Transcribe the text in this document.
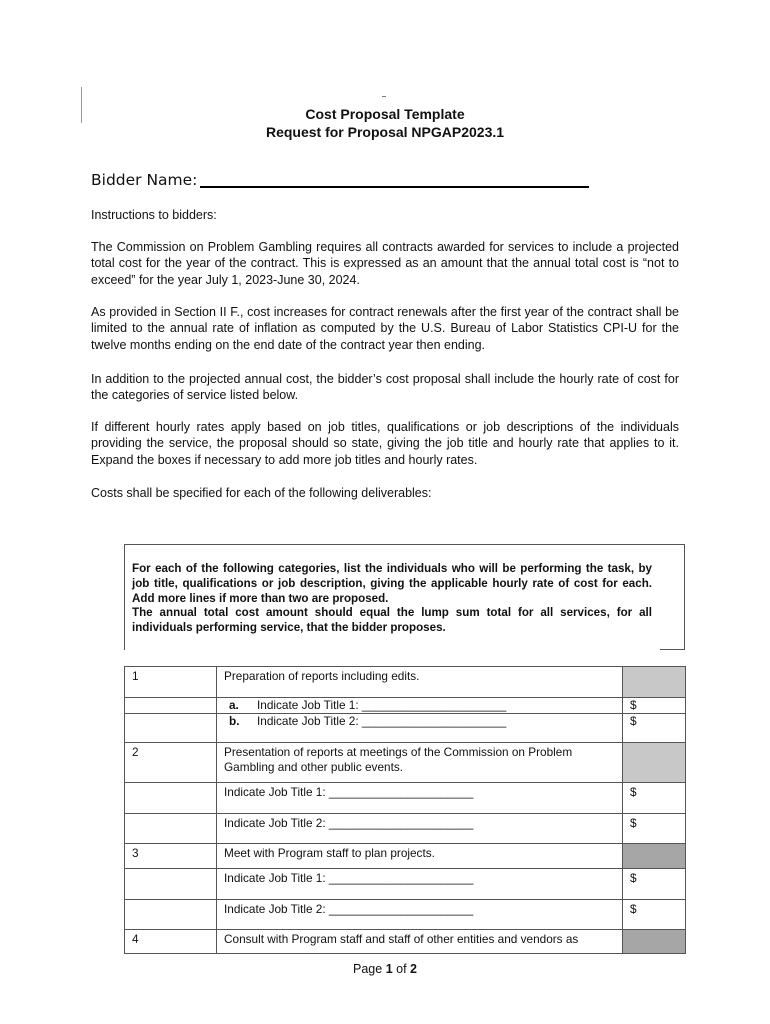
Cost Proposal Template
Request for Proposal NPGAP2023.1
Bidder Name:

Instructions to bidders:

The Commission on Problem Gambling requires all contracts awarded for services to include a projected total cost for the year of the contract. This is expressed as an amount that the annual total cost is “not to exceed” for the year July 1, 2023-June 30, 2024.

As provided in Section II F., cost increases for contract renewals after the first year of the contract shall be limited to the annual rate of inflation as computed by the U.S. Bureau of Labor Statistics CPI-U for the twelve months ending on the end date of the contract year then ending.

In addition to the projected annual cost, the bidder’s cost proposal shall include the hourly rate of cost for the categories of service listed below.

If different hourly rates apply based on job titles, qualifications or job descriptions of the individuals providing the service, the proposal should so state, giving the job title and hourly rate that applies to it. Expand the boxes if necessary to add more job titles and hourly rates.

Costs shall be specified for each of the following deliverables:

For each of the following categories, list the individuals who will be performing the task, by job title, qualifications or job description, giving the applicable hourly rate of cost for each. Add more lines if more than two are proposed.

The annual total cost amount should equal the lump sum total for all services, for all individuals performing service, that the bidder proposes.

1	Preparation of reports including edits.	

	a. Indicate Job Title 1: ______________________	$

	b. Indicate Job Title 2: ______________________	$
2	Presentation of reports at meetings of the Commission on Problem Gambling and other public events.	
	Indicate Job Title 1: ______________________	$
	Indicate Job Title 2: ______________________	$
3	Meet with Program staff to plan projects.	
	Indicate Job Title 1: ______________________	$
	Indicate Job Title 2: ______________________	$
4	Consult with Program staff and staff of other entities and vendors as	
Page 1 of 2
